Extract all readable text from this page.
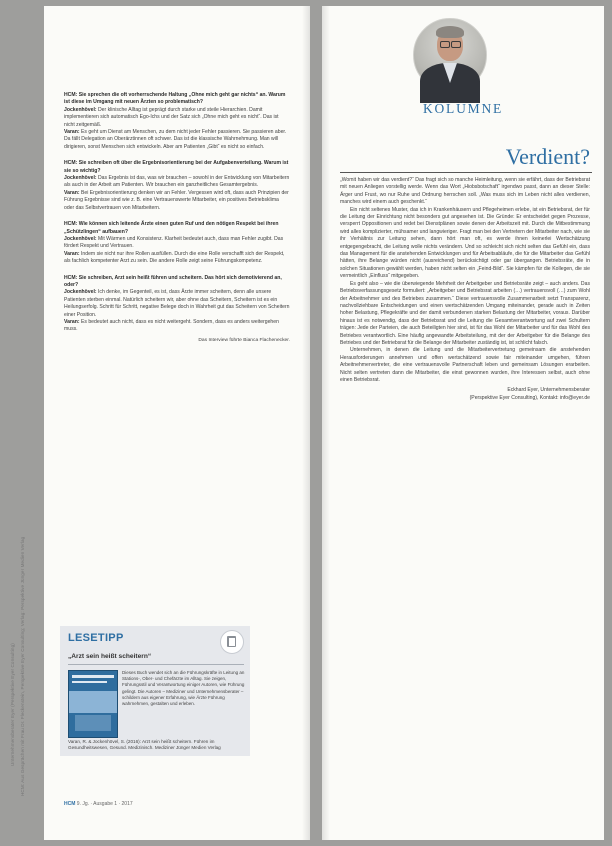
Unternehmensberater Eyer (Perspektive Eyer Consulting) HCM: Aus Gesprächen mit Frau Dr. Fleckenstein, Perspektive Eyer Consulting; Verlag: Perspektive Jünger Medien Verlag

HCM: Sie sprechen die oft vorherrschende Haltung „Ohne mich geht gar nichts“ an. Warum ist diese im Umgang mit neuen Ärzten so problematisch?

Jockenhövel: Der klinische Alltag ist geprägt durch starke und steile Hierarchien. Damit implementieren sich automatisch Ego-Ichs und der Satz sich „Ohne mich geht es nicht“. Das ist nicht zeitgemäß.

Varan: Es geht um Dienst am Menschen, zu dem nicht jeder Fehler passieren. Sie passieren aber. Da fällt Delegation an Oberärztinnen oft schwer. Das ist die klassische Wahrnehmung. Man will dirigieren, sonst Menschen sich entwickeln. Aber am Patienten „Gibt“ es nicht so einfach.

HCM: Sie schreiben oft über die Ergebnisorientierung bei der Aufgabenverteilung. Warum ist sie so wichtig?

Jockenhövel: Das Ergebnis ist das, was wir brauchen – sowohl in der Entwicklung von Mitarbeitern als auch in der Arbeit am Patienten. Wir brauchen ein ganzheitliches Gesamtergebnis.

Varan: Bei Ergebnisorientierung denken wir an Fehler. Vergessen wird oft, dass auch Prinzipien der Führung Ergebnisse sind wie z. B. eine Vertrauenswerte Mitarbeiter, ein positives Betriebsklima oder das Selbstvertrauen von Mitarbeitern.

HCM: Wie können sich leitende Ärzte einen guten Ruf und den nötigen Respekt bei ihren „Schützlingen“ aufbauen?

Jockenhövel: Mit Wärmen und Konsistenz. Klarheit bedeutet auch, dass man Fehler zugibt. Das fördert Respekt und Vertrauen.

Varan: Indem sie nicht nur ihre Rollen ausfüllen. Durch die eine Rolle verschafft sich der Respekt, als fachlich kompetenter Arzt zu sein. Die andere Rolle zeigt seine Führungskompetenz.

HCM: Sie schreiben, Arzt sein heißt führen und scheitern. Das hört sich demotivierend an, oder?

Jockenhövel: Ich denke, im Gegenteil, es ist, dass Ärzte immer scheitern, denn alle unsere Patienten sterben einmal. Natürlich scheitern wir, aber ohne das Scheitern, Scheitern ist es ein Heilungserfolg. Schritt für Schritt, negative Belege doch in Wahrheit gut das Scheitern von Scheitern einer Position.

Varan: Es bedeutet auch nicht, dass es nicht weitergeht. Sondern, dass es anders weitergehen muss.

Das Interview führte Bianca Flachenecker.
LESETIPP
„Arzt sein heißt scheitern“
Dieses Buch wendet sich an die Führungskräfte in Leitung an Stations-, Ober- und Chefärzte im Alltag. Sie zeigen, Führungsstil und Verantwortung einiger Autoren, wie Führung gelingt. Die Autoren – Mediziner und Unternehmensberater – schildern aus eigener Erfahrung, wie Ärzte Führung wahrnehmen, gestalten und erleben.
Varan, R. & Jockenhövel, S. (2016): Arzt sein heißt scheitern. Führen im Gesundheitswesen, Gesund. Medizinisch. Mediziner Jünger Medien Verlag
HCM 9. Jg. · Ausgabe 1 · 2017
KOLUMNE
Verdient?

„Womit haben wir das verdient?“ Das fragt sich so manche Heimleitung, wenn sie erfährt, dass der Betriebsrat mit neuen Anliegen vorstellig werde. Wenn das Wort „Hiobsbotschaft“ irgendwo passt, dann an dieser Stelle: Ärger und Frust, wo nur Ruhe und Ordnung herrschen soll. „Was muss sich im Leben nicht alles verdienen, manches wird einem auch geschenkt.“

Ein nicht seltenes Muster, das ich in Krankenhäusern und Pflegeheimen erlebe, ist ein Betriebsrat, der für die Leitung der Einrichtung nicht besonders gut angesehen ist. Die Gründe: Er entscheidet gegen Prozesse, versperrt Oppositionen und redet bei Dienstplänen sowie denen der Arbeitszeit mit. Durch die Mitbestimmung wird alles komplizierter, mühsamer und langwieriger. Fragt man bei den Vertretern der Mitarbeiter nach, wie sie ihr Verhältnis zur Leitung sehen, dann hört man oft, es werde ihnen keinerlei Wertschätzung entgegengebracht, die Leitung wolle nichts verändern. Und so schleicht sich nicht selten das Gefühl ein, dass das Management für die anstehenden Entwicklungen und für Arbeitsabläufe, die für die Mitarbeiter das Gefühl hätten, ihre Belange würden nicht (ausreichend) berücksichtigt oder gar übergangen. Betriebsräte, die in solchen Situationen gewählt werden, haben nicht selten ein „Feind-Bild“. Sie kämpfen für die Kollegen, die sie vermeintlich „Einfluss“ mitgegeben.

Es geht also – wie die überwiegende Mehrheit der Arbeitgeber und Betriebsräte zeigt – auch anders. Das Betriebsverfassungsgesetz formuliert: „Arbeitgeber und Betriebsrat arbeiten (…) vertrauensvoll (…) zum Wohl der Arbeitnehmer und des Betriebes zusammen.“ Diese vertrauensvolle Zusammenarbeit setzt Transparenz, nachvollziehbare Entscheidungen und einen wertschätzenden Umgang miteinander, gerade auch in Zeiten hoher Belastung, Pflegekräfte und der damit verbundenen starken Belastung der Mitarbeiter, voraus. Darüber hinaus ist es notwendig, dass der Betriebsrat und die Leitung die Gesamtverantwortung auf zwei Schultern trägen: Jede der Parteien, die auch Beteiligten hier sind, ist für das Wohl der Mitarbeiter und für das Wohl des Betriebes verantwortlich. Eine häufig angewandte Arbeitsteilung, mit der der Arbeitgeber für die Belange des Betriebes und der Betriebsrat für die Belange der Mitarbeiter zuständig ist, ist schlicht falsch.

Unternehmen, in denen die Leitung und die Mitarbeitervertretung gemeinsam die anstehenden Herausforderungen annehmen und offen wertschätzend sowie fair miteinander umgehen, führen Arbeitnehmervertreter, die eine vertrauensvolle Partnerschaft leben und gemeinsam Lösungen erarbeiten. Nicht selten vertreten dann die Mitarbeiter, die einst gewonnen wurden, ihre Interessen selbst, auch ohne einen Betriebsrat.

Eckhard Eyer, Unternehmensberater
(Perspektive Eyer Consulting), Kontakt: info@eyer.de
